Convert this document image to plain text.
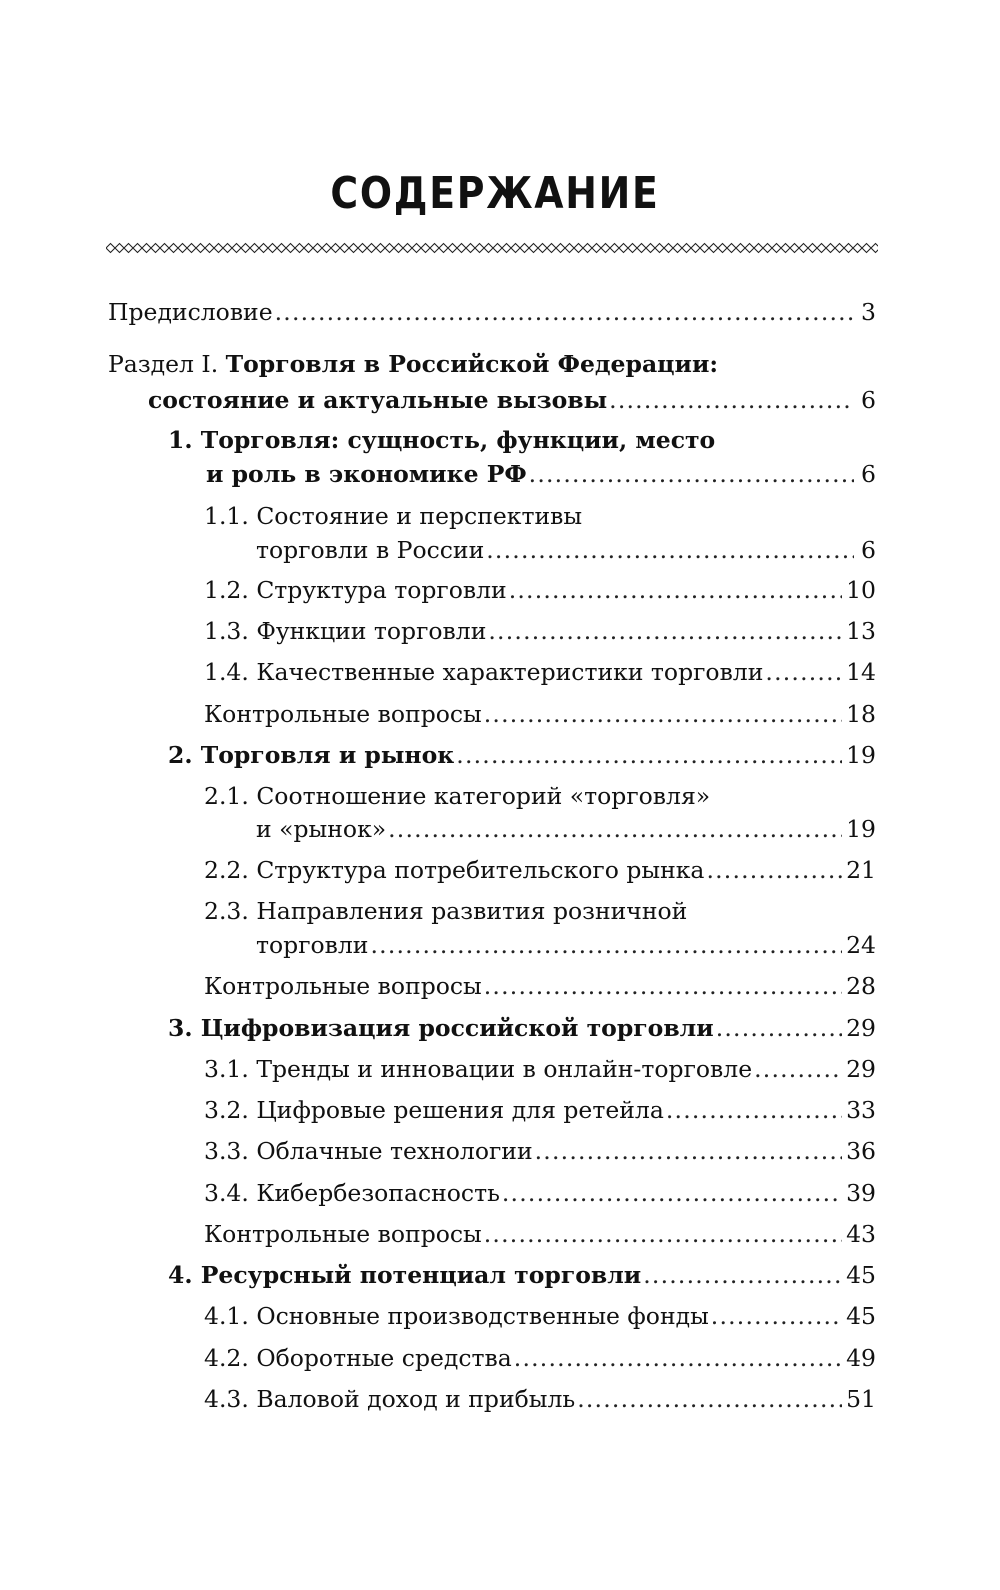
СОДЕРЖАНИЕ
Предисловие .....	3
Раздел I. Торговля в Российской Федерации:
состояние и актуальные вызовы .....	6
1. Торговля: сущность, функции, место
и роль в экономике РФ .....	6
1.1. Состояние и перспективы
торговли в России .....	6
1.2. Структура торговли .....	10
1.3. Функции торговли .....	13
1.4. Качественные характеристики торговли .....	14
Контрольные вопросы .....	18
2. Торговля и рынок .....	19
2.1. Соотношение категорий «торговля»
и «рынок» .....	19
2.2. Структура потребительского рынка .....	21
2.3. Направления развития розничной
торговли .....	24
Контрольные вопросы .....	28
3. Цифровизация российской торговли .....	29
3.1. Тренды и инновации в онлайн-торговле .....	29
3.2. Цифровые решения для ретейла .....	33
3.3. Облачные технологии .....	36
3.4. Кибербезопасность .....	39
Контрольные вопросы .....	43
4. Ресурсный потенциал торговли .....	45
4.1. Основные производственные фонды .....	45
4.2. Оборотные средства .....	49
4.3. Валовой доход и прибыль .....	51
